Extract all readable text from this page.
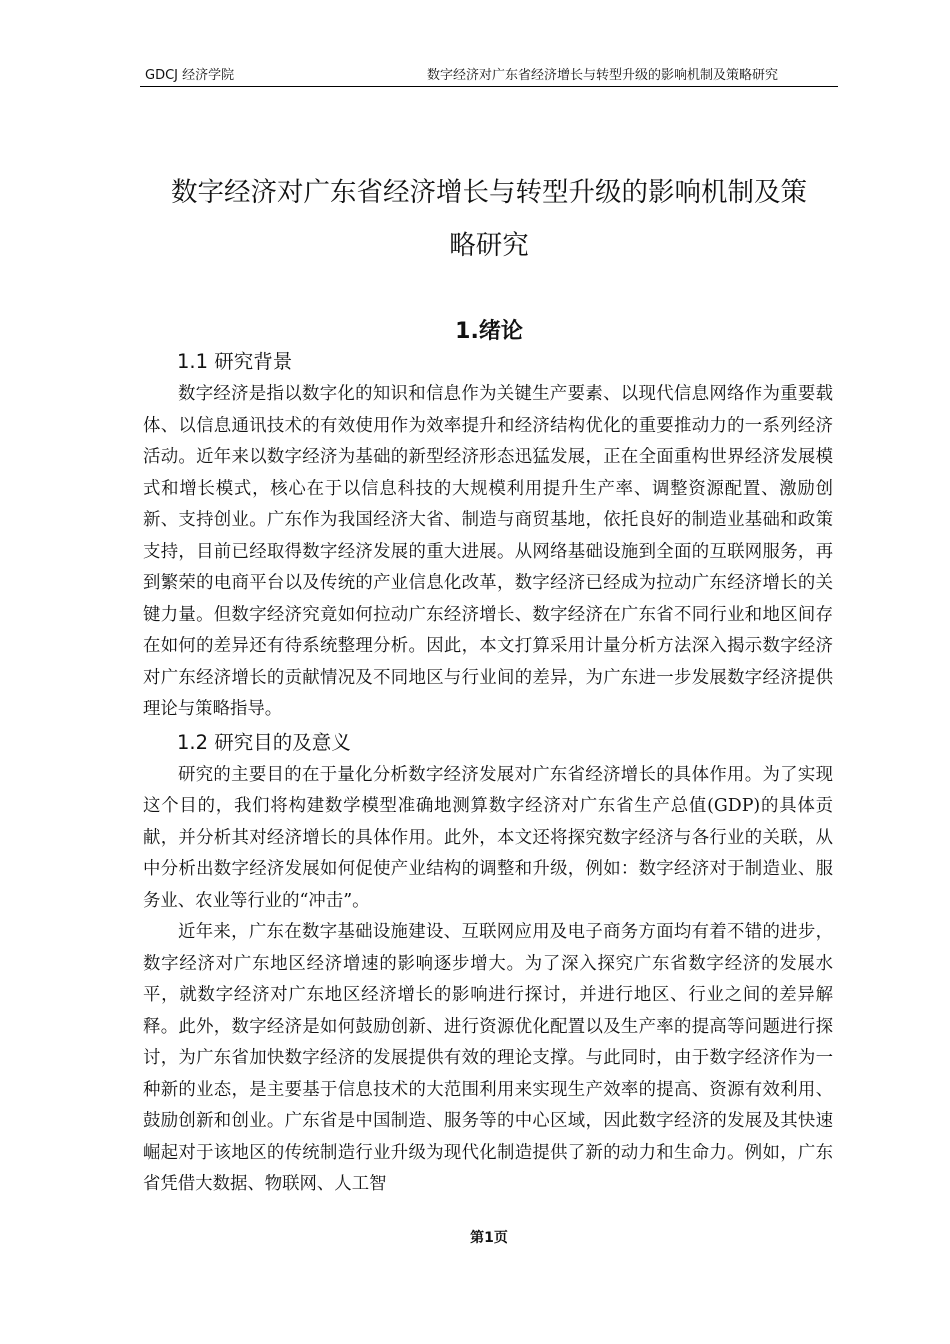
GDCJ 经济学院	数字经济对广东省经济增长与转型升级的影响机制及策略研究
数字经济对广东省经济增长与转型升级的影响机制及策
略研究
1.绪论
1.1 研究背景

数字经济是指以数字化的知识和信息作为关键生产要素、以现代信息网络作为重要载体、以信息通讯技术的有效使用作为效率提升和经济结构优化的重要推动力的一系列经济活动。近年来以数字经济为基础的新型经济形态迅猛发展，正在全面重构世界经济发展模式和增长模式，核心在于以信息科技的大规模利用提升生产率、调整资源配置、激励创新、支持创业。广东作为我国经济大省、制造与商贸基地，依托良好的制造业基础和政策支持，目前已经取得数字经济发展的重大进展。从网络基础设施到全面的互联网服务，再到繁荣的电商平台以及传统的产业信息化改革，数字经济已经成为拉动广东经济增长的关键力量。但数字经济究竟如何拉动广东经济增长、数字经济在广东省不同行业和地区间存在如何的差异还有待系统整理分析。因此，本文打算采用计量分析方法深入揭示数字经济对广东经济增长的贡献情况及不同地区与行业间的差异，为广东进一步发展数字经济提供理论与策略指导。

1.2 研究目的及意义

研究的主要目的在于量化分析数字经济发展对广东省经济增长的具体作用。为了实现这个目的，我们将构建数学模型准确地测算数字经济对广东省生产总值(GDP)的具体贡献，并分析其对经济增长的具体作用。此外，本文还将探究数字经济与各行业的关联，从中分析出数字经济发展如何促使产业结构的调整和升级，例如：数字经济对于制造业、服务业、农业等行业的“冲击”。

近年来，广东在数字基础设施建设、互联网应用及电子商务方面均有着不错的进步，数字经济对广东地区经济增速的影响逐步增大。为了深入探究广东省数字经济的发展水平，就数字经济对广东地区经济增长的影响进行探讨，并进行地区、行业之间的差异解释。此外，数字经济是如何鼓励创新、进行资源优化配置以及生产率的提高等问题进行探讨，为广东省加快数字经济的发展提供有效的理论支撑。与此同时，由于数字经济作为一种新的业态，是主要基于信息技术的大范围利用来实现生产效率的提高、资源有效利用、鼓励创新和创业。广东省是中国制造、服务等的中心区域，因此数字经济的发展及其快速崛起对于该地区的传统制造行业升级为现代化制造提供了新的动力和生命力。例如，广东省凭借大数据、物联网、人工智

第1页
